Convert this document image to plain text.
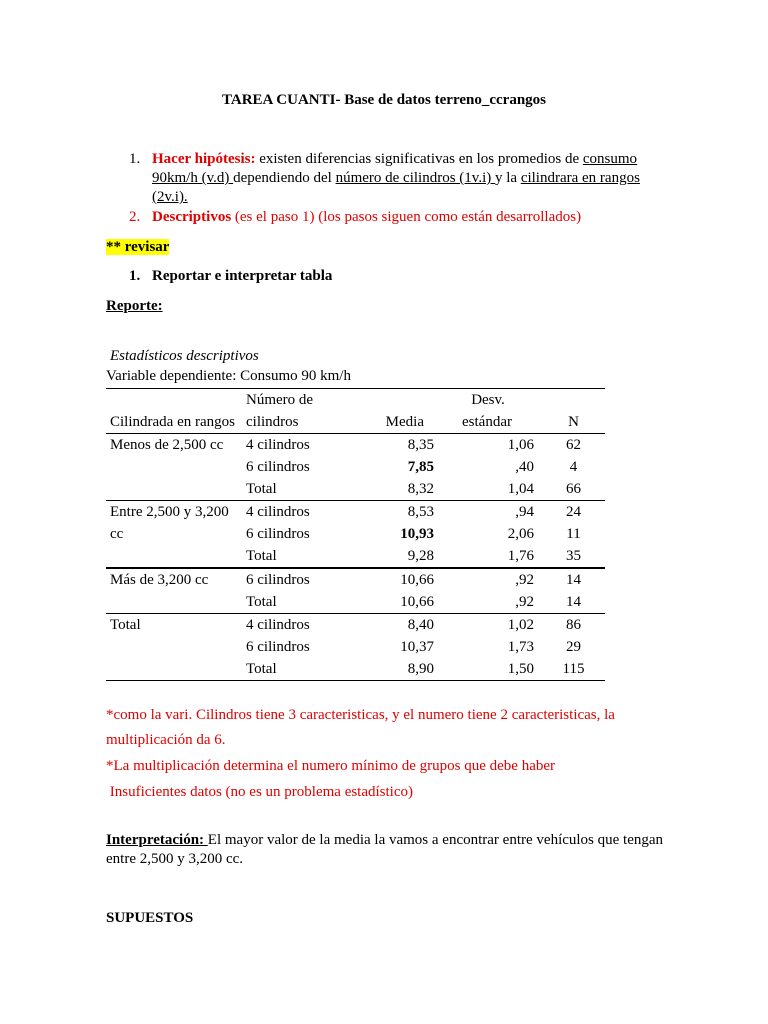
TAREA CUANTI- Base de datos terreno_ccrangos
1. Hacer hipótesis: existen diferencias significativas en los promedios de consumo 90km/h (v.d) dependiendo del número de cilindros (1v.i) y la cilindrara en rangos (2v.i).
2. Descriptivos (es el paso 1) (los pasos siguen como están desarrollados)
** revisar
1. Reportar e interpretar tabla
Reporte:
Estadísticos descriptivos
Variable dependiente: Consumo 90 km/h
	Número de		Desv.	
Cilindrada en rangos	cilindros	Media	estándar	N
Menos de 2,500 cc	4 cilindros	8,35	1,06	62
	6 cilindros	7,85	,40	4
	Total	8,32	1,04	66
Entre 2,500 y 3,200	4 cilindros	8,53	,94	24
cc	6 cilindros	10,93	2,06	11
	Total	9,28	1,76	35
Más de 3,200 cc	6 cilindros	10,66	,92	14
	Total	10,66	,92	14
Total	4 cilindros	8,40	1,02	86
	6 cilindros	10,37	1,73	29
	Total	8,90	1,50	115
*como la vari. Cilindros tiene 3 caracteristicas, y el numero tiene 2 caracteristicas, la
multiplicación da 6.
*La multiplicación determina el numero mínimo de grupos que debe haber
Insuficientes datos (no es un problema estadístico)
Interpretación: El mayor valor de la media la vamos a encontrar entre vehículos que tengan entre 2,500 y 3,200 cc.
SUPUESTOS
